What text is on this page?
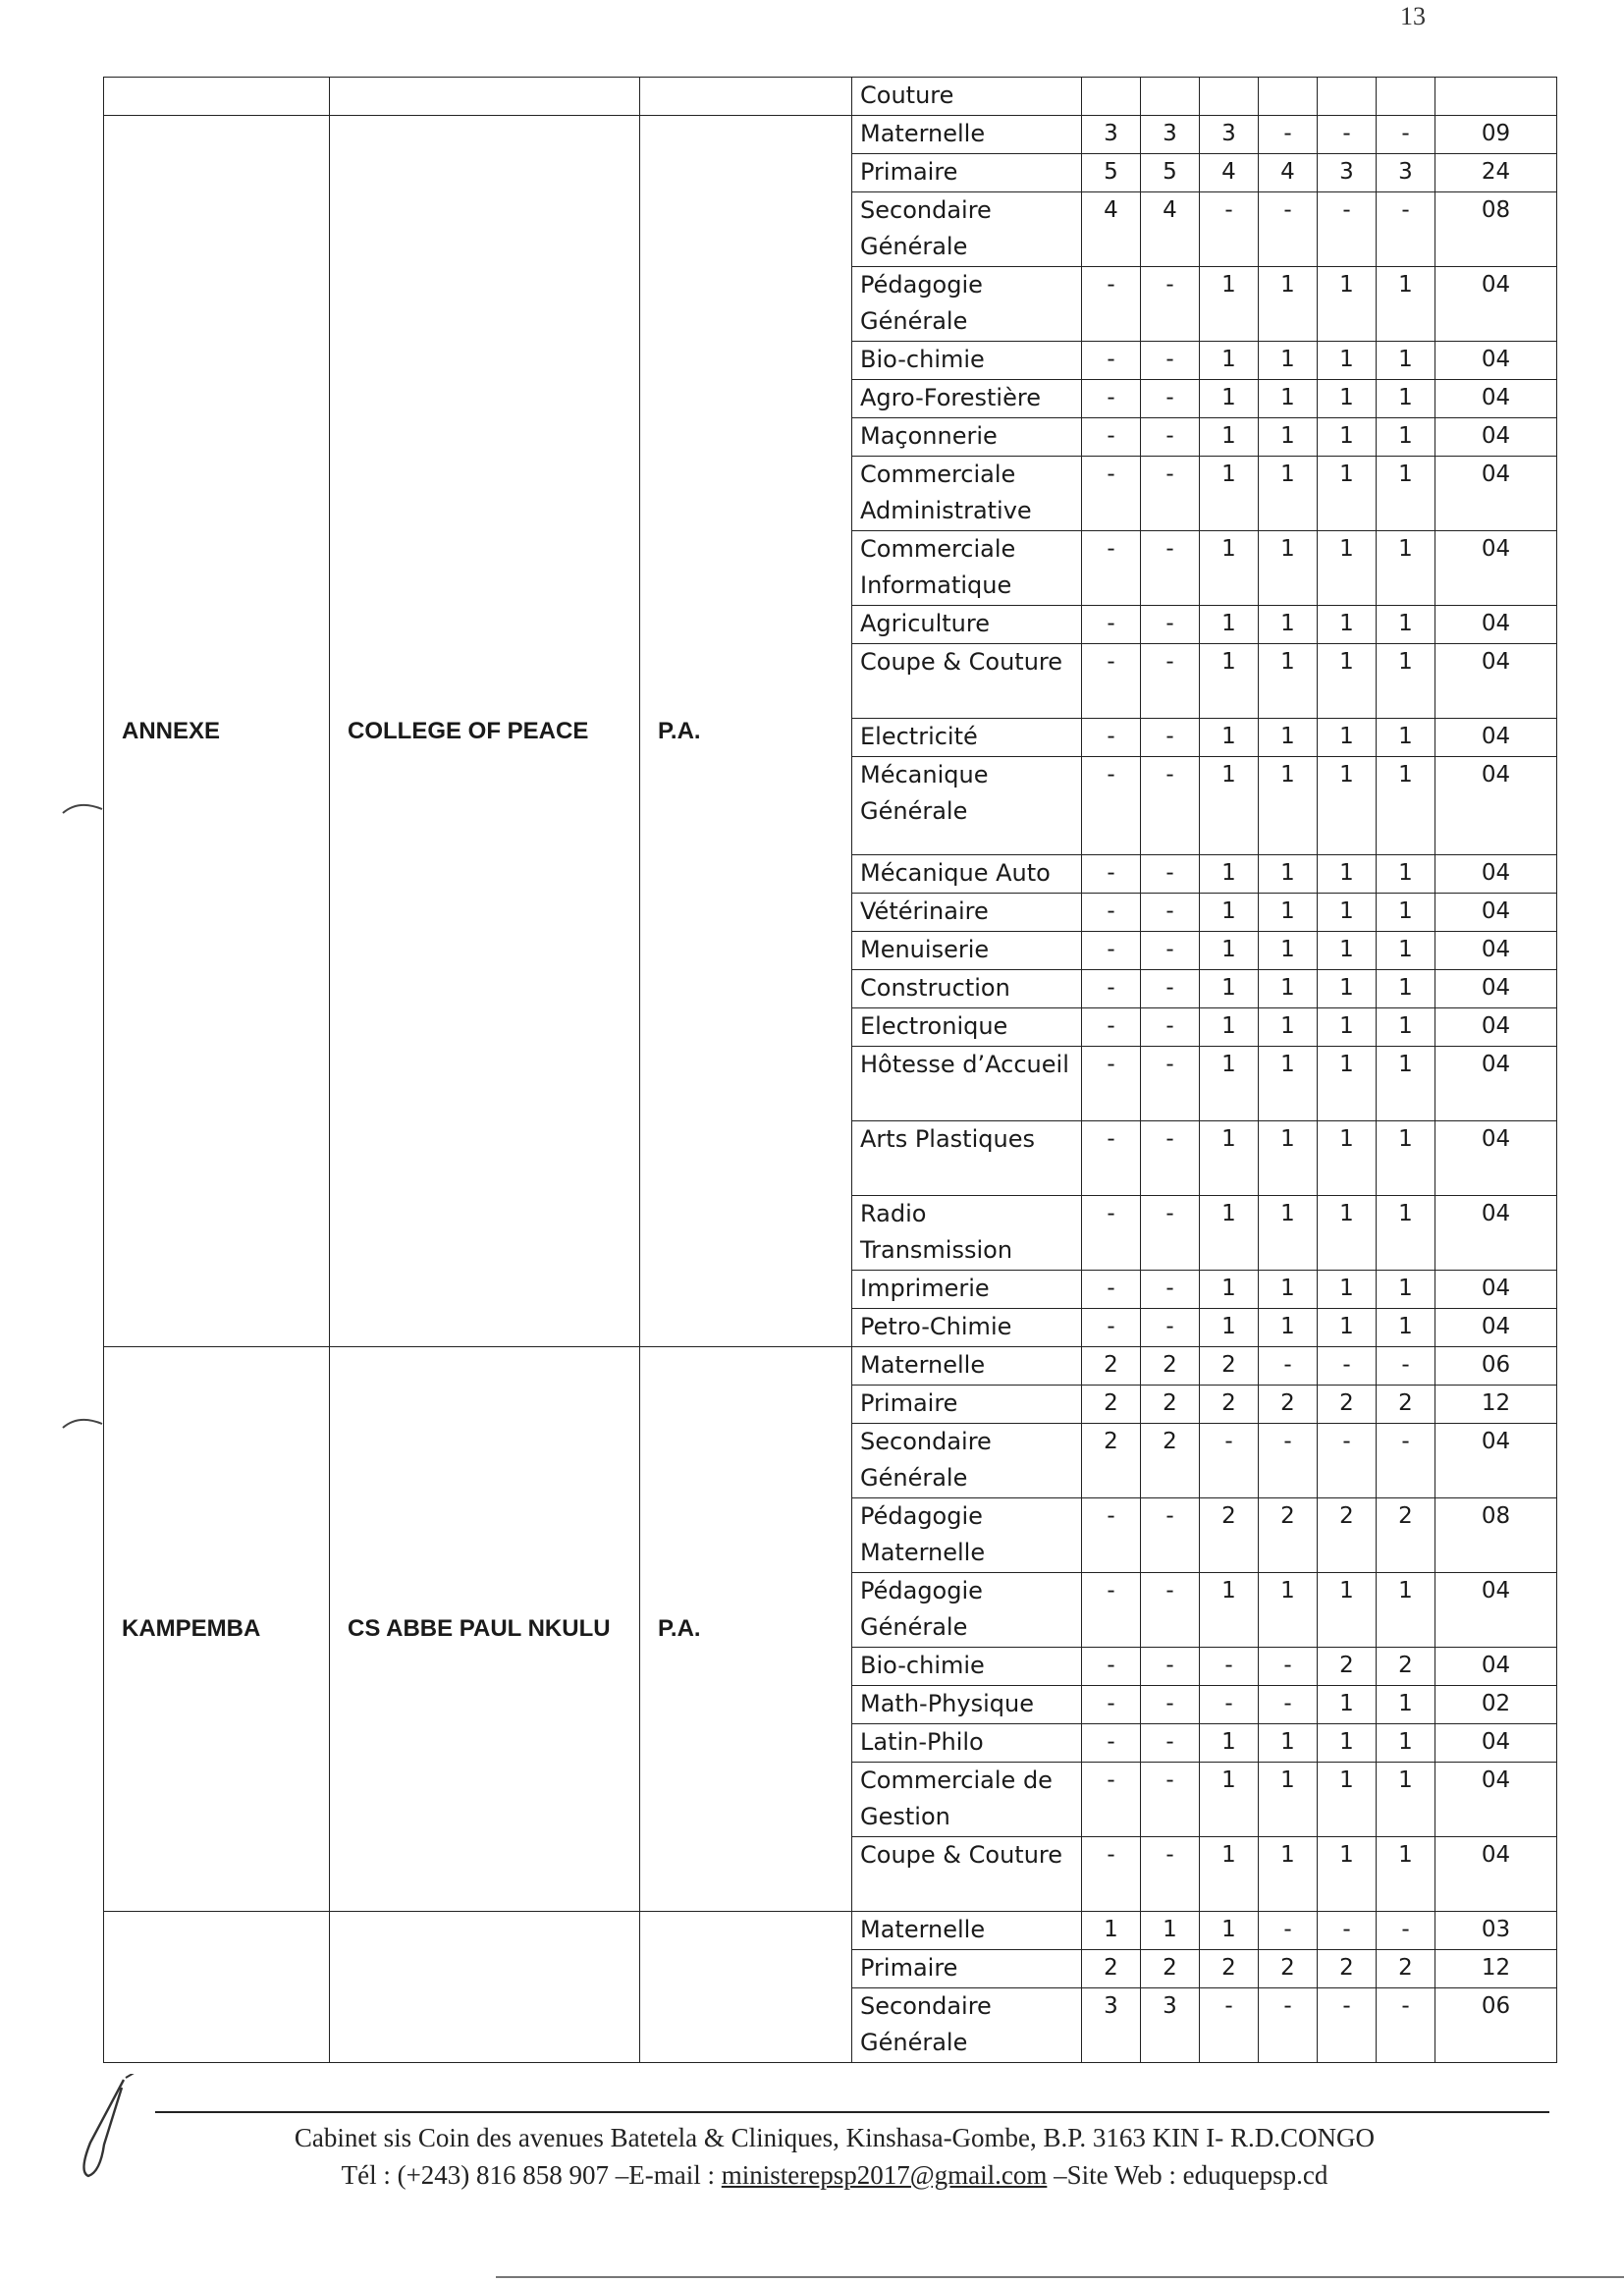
13
			Couture							
ANNEXE	COLLEGE OF PEACE	P.A.	Maternelle	3	3	3	-	-	-	09
			Primaire	5	5	4	4	3	3	24
			Secondaire Générale	4	4	-	-	-	-	08
			Pédagogie Générale	-	-	1	1	1	1	04
			Bio-chimie	-	-	1	1	1	1	04
			Agro-Forestière	-	-	1	1	1	1	04
			Maçonnerie	-	-	1	1	1	1	04
			Commerciale Administrative	-	-	1	1	1	1	04
			Commerciale Informatique	-	-	1	1	1	1	04
			Agriculture	-	-	1	1	1	1	04
			Coupe & Couture	-	-	1	1	1	1	04
			Electricité	-	-	1	1	1	1	04
			Mécanique Générale	-	-	1	1	1	1	04
			Mécanique Auto	-	-	1	1	1	1	04
			Vétérinaire	-	-	1	1	1	1	04
			Menuiserie	-	-	1	1	1	1	04
			Construction	-	-	1	1	1	1	04
			Electronique	-	-	1	1	1	1	04
			Hôtesse d’Accueil	-	-	1	1	1	1	04
			Arts Plastiques	-	-	1	1	1	1	04
			Radio Transmission	-	-	1	1	1	1	04
			Imprimerie	-	-	1	1	1	1	04
			Petro-Chimie	-	-	1	1	1	1	04
KAMPEMBA	CS ABBE PAUL NKULU	P.A.	Maternelle	2	2	2	-	-	-	06
			Primaire	2	2	2	2	2	2	12
			Secondaire Générale	2	2	-	-	-	-	04
			Pédagogie Maternelle	-	-	2	2	2	2	08
			Pédagogie Générale	-	-	1	1	1	1	04
			Bio-chimie	-	-	-	-	2	2	04
			Math-Physique	-	-	-	-	1	1	02
			Latin-Philo	-	-	1	1	1	1	04
			Commerciale de Gestion	-	-	1	1	1	1	04
			Coupe & Couture	-	-	1	1	1	1	04
			Maternelle	1	1	1	-	-	-	03
			Primaire	2	2	2	2	2	2	12
			Secondaire Générale	3	3	-	-	-	-	06
Cabinet sis Coin des avenues Batetela & Cliniques, Kinshasa-Gombe, B.P. 3163 KIN I- R.D.CONGO
Tél : (+243) 816 858 907 –E-mail : ministerepsp2017@gmail.com –Site Web : eduquepsp.cd
